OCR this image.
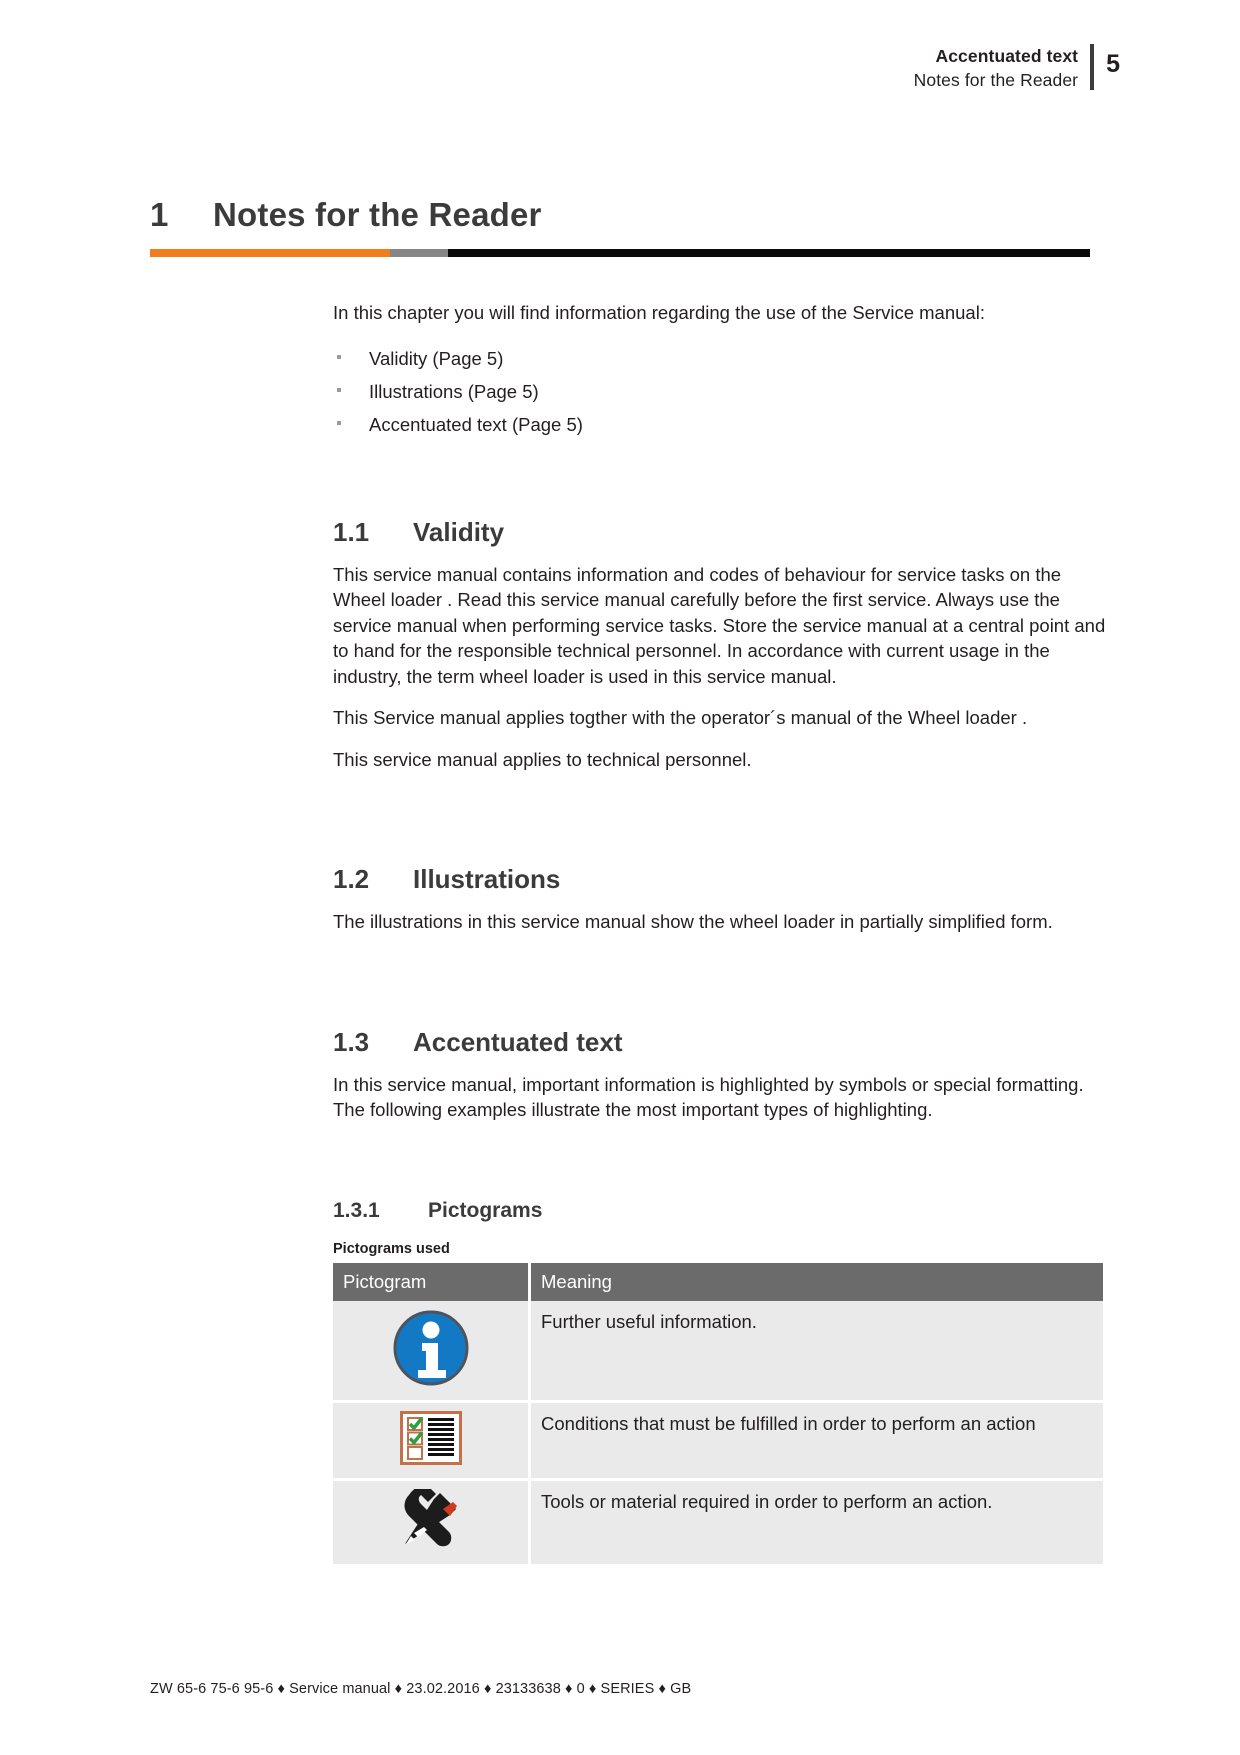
Accentuated text
Notes for the Reader
5
1	Notes for the Reader

In this chapter you will find information regarding the use of the Service manual:

Validity (Page 5)
Illustrations (Page 5)
Accentuated text (Page 5)
1.1	Validity

This service manual contains information and codes of behaviour for service tasks on the Wheel loader . Read this service manual carefully before the first service. Always use the service manual when performing service tasks. Store the service manual at a central point and to hand for the responsible technical personnel. In accordance with current usage in the industry, the term wheel loader is used in this service manual.

This Service manual applies togther with the operator´s manual of the Wheel loader .

This service manual applies to technical personnel.

1.2	Illustrations

The illustrations in this service manual show the wheel loader in partially simplified form.

1.3	Accentuated text

In this service manual, important information is highlighted by symbols or special formatting. The following examples illustrate the most important types of highlighting.

1.3.1	Pictograms

Pictograms used

Pictogram	Meaning
	Further useful information.
	Conditions that must be fulfilled in order to perform an action
	Tools or material required in order to perform an action.
ZW 65-6 75-6 95-6 ♦ Service manual ♦ 23.02.2016 ♦ 23133638 ♦ 0 ♦ SERIES ♦ GB
